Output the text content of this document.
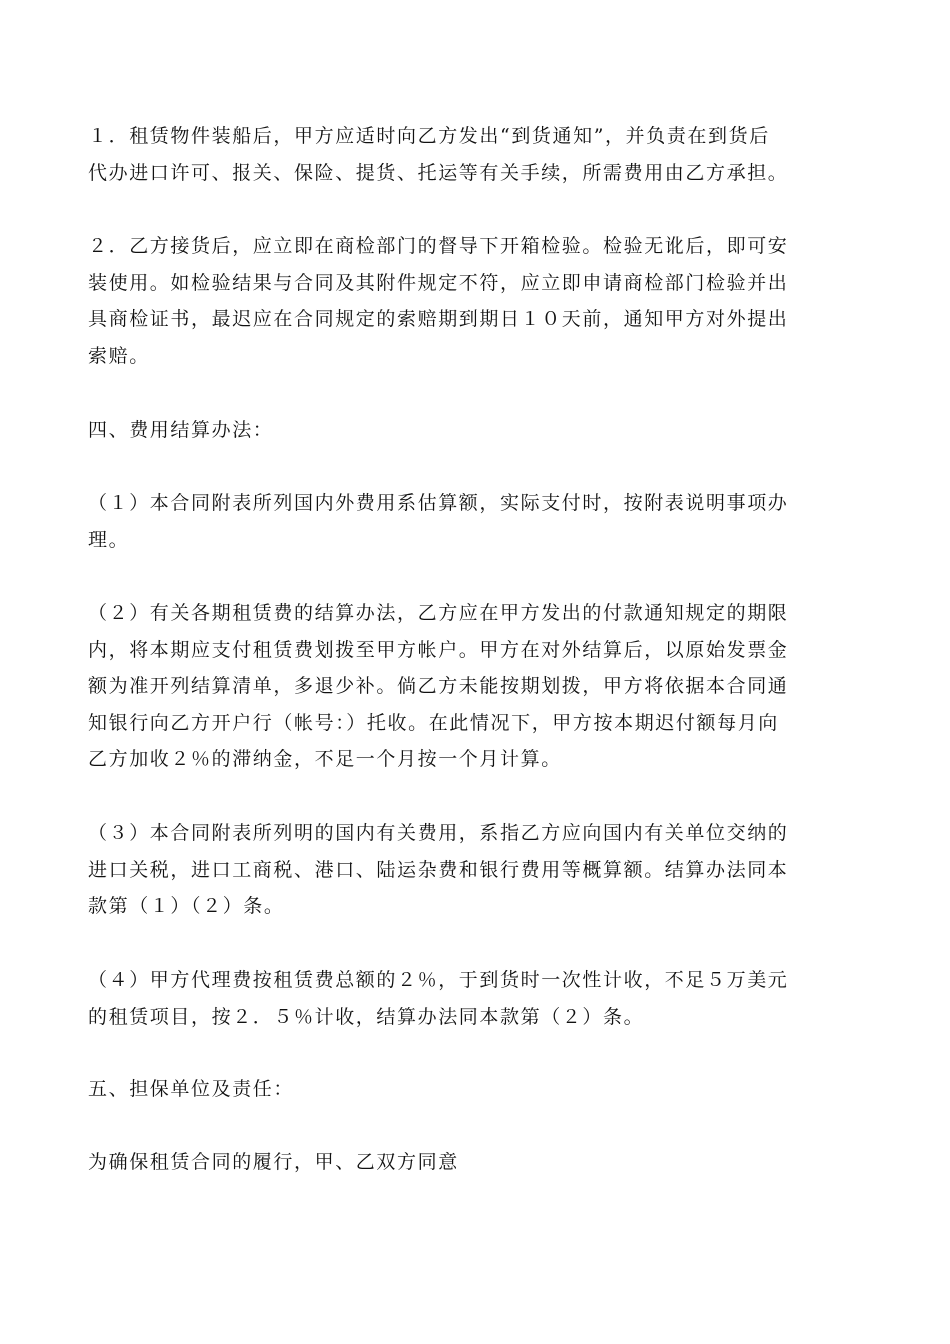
１．租赁物件装船后，甲方应适时向乙方发出“到货通知”，并负责在到货后
代办进口许可、报关、保险、提货、托运等有关手续，所需费用由乙方承担。
２．乙方接货后，应立即在商检部门的督导下开箱检验。检验无讹后，即可安
装使用。如检验结果与合同及其附件规定不符，应立即申请商检部门检验并出
具商检证书，最迟应在合同规定的索赔期到期日１０天前，通知甲方对外提出
索赔。
四、费用结算办法：
（１）本合同附表所列国内外费用系估算额，实际支付时，按附表说明事项办
理。
（２）有关各期租赁费的结算办法，乙方应在甲方发出的付款通知规定的期限
内，将本期应支付租赁费划拨至甲方帐户。甲方在对外结算后，以原始发票金
额为准开列结算清单，多退少补。倘乙方未能按期划拨，甲方将依据本合同通
知银行向乙方开户行（帐号：）托收。在此情况下，甲方按本期迟付额每月向
乙方加收２％的滞纳金，不足一个月按一个月计算。
（３）本合同附表所列明的国内有关费用，系指乙方应向国内有关单位交纳的
进口关税，进口工商税、港口、陆运杂费和银行费用等概算额。结算办法同本
款第（１）（２）条。
（４）甲方代理费按租赁费总额的２％，于到货时一次性计收，不足５万美元
的租赁项目，按２．５％计收，结算办法同本款第（２）条。
五、担保单位及责任：
为确保租赁合同的履行，甲、乙双方同意
